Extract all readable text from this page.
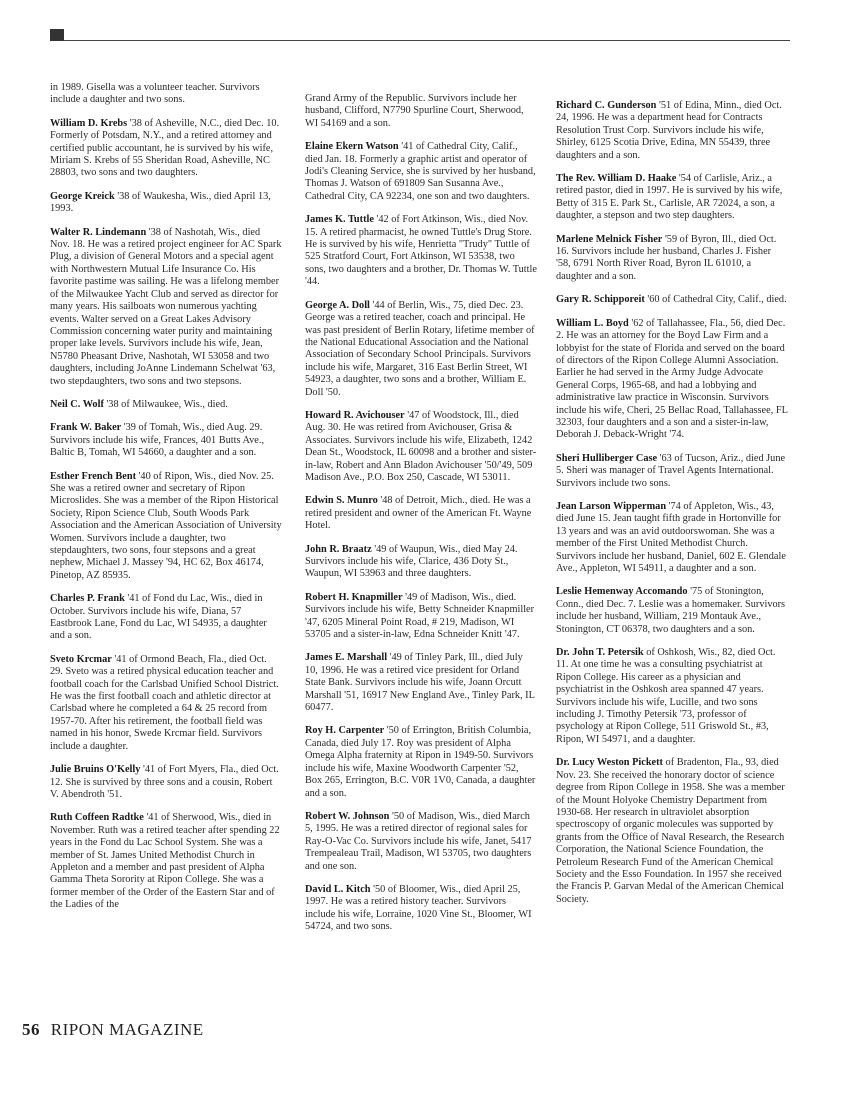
in 1989. Gisella was a volunteer teacher. Survivors include a daughter and two sons.

William D. Krebs '38 of Asheville, N.C., died Dec. 10. Formerly of Potsdam, N.Y., and a retired attorney and certified public accountant, he is survived by his wife, Miriam S. Krebs of 55 Sheridan Road, Asheville, NC 28803, two sons and two daughters.

George Kreick '38 of Waukesha, Wis., died April 13, 1993.

Walter R. Lindemann '38 of Nashotah, Wis., died Nov. 18. He was a retired project engineer for AC Spark Plug, a division of General Motors and a special agent with Northwestern Mutual Life Insurance Co. His favorite pastime was sailing. He was a lifelong member of the Milwaukee Yacht Club and served as director for many years. His sailboats won numerous yachting events. Walter served on a Great Lakes Advisory Commission concerning water purity and maintaining proper lake levels. Survivors include his wife, Jean, N5780 Pheasant Drive, Nashotah, WI 53058 and two daughters, including JoAnne Lindemann Schelwat '63, two stepdaughters, two sons and two stepsons.

Neil C. Wolf '38 of Milwaukee, Wis., died.

Frank W. Baker '39 of Tomah, Wis., died Aug. 29. Survivors include his wife, Frances, 401 Butts Ave., Baltic B, Tomah, WI 54660, a daughter and a son.

Esther French Bent '40 of Ripon, Wis., died Nov. 25. She was a retired owner and secretary of Ripon Microslides. She was a member of the Ripon Historical Society, Ripon Science Club, South Woods Park Association and the American Association of University Women. Survivors include a daughter, two stepdaughters, two sons, four stepsons and a great nephew, Michael J. Massey '94, HC 62, Box 46174, Pinetop, AZ 85935.

Charles P. Frank '41 of Fond du Lac, Wis., died in October. Survivors include his wife, Diana, 57 Eastbrook Lane, Fond du Lac, WI 54935, a daughter and a son.

Sveto Krcmar '41 of Ormond Beach, Fla., died Oct. 29. Sveto was a retired physical education teacher and football coach for the Carlsbad Unified School District. He was the first football coach and athletic director at Carlsbad where he completed a 64 & 25 record from 1957-70. After his retirement, the football field was named in his honor, Swede Krcmar field. Survivors include a daughter.

Julie Bruins O'Kelly '41 of Fort Myers, Fla., died Oct. 12. She is survived by three sons and a cousin, Robert V. Abendroth '51.

Ruth Coffeen Radtke '41 of Sherwood, Wis., died in November. Ruth was a retired teacher after spending 22 years in the Fond du Lac School System. She was a member of St. James United Methodist Church in Appleton and a member and past president of Alpha Gamma Theta Sorority at Ripon College. She was a former member of the Order of the Eastern Star and of the Ladies of the

Grand Army of the Republic. Survivors include her husband, Clifford, N7790 Spurline Court, Sherwood, WI 54169 and a son.

Elaine Ekern Watson '41 of Cathedral City, Calif., died Jan. 18. Formerly a graphic artist and operator of Jodi's Cleaning Service, she is survived by her husband, Thomas J. Watson of 691809 San Susanna Ave., Cathedral City, CA 92234, one son and two daughters.

James K. Tuttle '42 of Fort Atkinson, Wis., died Nov. 15. A retired pharmacist, he owned Tuttle's Drug Store. He is survived by his wife, Henrietta "Trudy" Tuttle of 525 Stratford Court, Fort Atkinson, WI 53538, two sons, two daughters and a brother, Dr. Thomas W. Tuttle '44.

George A. Doll '44 of Berlin, Wis., 75, died Dec. 23. George was a retired teacher, coach and principal. He was past president of Berlin Rotary, lifetime member of the National Educational Association and the National Association of Secondary School Principals. Survivors include his wife, Margaret, 316 East Berlin Street, WI 54923, a daughter, two sons and a brother, William E. Doll '50.

Howard R. Avichouser '47 of Woodstock, Ill., died Aug. 30. He was retired from Avichouser, Grisa & Associates. Survivors include his wife, Elizabeth, 1242 Dean St., Woodstock, IL 60098 and a brother and sister-in-law, Robert and Ann Bladon Avichouser '50/'49, 509 Madison Ave., P.O. Box 250, Cascade, WI 53011.

Edwin S. Munro '48 of Detroit, Mich., died. He was a retired president and owner of the American Ft. Wayne Hotel.

John R. Braatz '49 of Waupun, Wis., died May 24. Survivors include his wife, Clarice, 436 Doty St., Waupun, WI 53963 and three daughters.

Robert H. Knapmiller '49 of Madison, Wis., died. Survivors include his wife, Betty Schneider Knapmiller '47, 6205 Mineral Point Road, # 219, Madison, WI 53705 and a sister-in-law, Edna Schneider Knitt '47.

James E. Marshall '49 of Tinley Park, Ill., died July 10, 1996. He was a retired vice president for Orland State Bank. Survivors include his wife, Joann Orcutt Marshall '51, 16917 New England Ave., Tinley Park, IL 60477.

Roy H. Carpenter '50 of Errington, British Columbia, Canada, died July 17. Roy was president of Alpha Omega Alpha fraternity at Ripon in 1949-50. Survivors include his wife, Maxine Woodworth Carpenter '52, Box 265, Errington, B.C. V0R 1V0, Canada, a daughter and a son.

Robert W. Johnson '50 of Madison, Wis., died March 5, 1995. He was a retired director of regional sales for Ray-O-Vac Co. Survivors include his wife, Janet, 5417 Trempealeau Trail, Madison, WI 53705, two daughters and one son.

David L. Kitch '50 of Bloomer, Wis., died April 25, 1997. He was a retired history teacher. Survivors include his wife, Lorraine, 1020 Vine St., Bloomer, WI 54724, and two sons.

Richard C. Gunderson '51 of Edina, Minn., died Oct. 24, 1996. He was a department head for Contracts Resolution Trust Corp. Survivors include his wife, Shirley, 6125 Scotia Drive, Edina, MN 55439, three daughters and a son.

The Rev. William D. Haake '54 of Carlisle, Ariz., a retired pastor, died in 1997. He is survived by his wife, Betty of 315 E. Park St., Carlisle, AR 72024, a son, a daughter, a stepson and two step daughters.

Marlene Melnick Fisher '59 of Byron, Ill., died Oct. 16. Survivors include her husband, Charles J. Fisher '58, 6791 North River Road, Byron IL 61010, a daughter and a son.

Gary R. Schipporeit '60 of Cathedral City, Calif., died.

William L. Boyd '62 of Tallahassee, Fla., 56, died Dec. 2. He was an attorney for the Boyd Law Firm and a lobbyist for the state of Florida and served on the board of directors of the Ripon College Alumni Association. Earlier he had served in the Army Judge Advocate General Corps, 1965-68, and had a lobbying and administrative law practice in Wisconsin. Survivors include his wife, Cheri, 25 Bellac Road, Tallahassee, FL 32303, four daughters and a son and a sister-in-law, Deborah J. Deback-Wright '74.

Sheri Hulliberger Case '63 of Tucson, Ariz., died June 5. Sheri was manager of Travel Agents International. Survivors include two sons.

Jean Larson Wipperman '74 of Appleton, Wis., 43, died June 15. Jean taught fifth grade in Hortonville for 13 years and was an avid outdoorswoman. She was a member of the First United Methodist Church. Survivors include her husband, Daniel, 602 E. Glendale Ave., Appleton, WI 54911, a daughter and a son.

Leslie Hemenway Accomando '75 of Stonington, Conn., died Dec. 7. Leslie was a homemaker. Survivors include her husband, William, 219 Montauk Ave., Stonington, CT 06378, two daughters and a son.

Dr. John T. Petersik of Oshkosh, Wis., 82, died Oct. 11. At one time he was a consulting psychiatrist at Ripon College. His career as a physician and psychiatrist in the Oshkosh area spanned 47 years. Survivors include his wife, Lucille, and two sons including J. Timothy Petersik '73, professor of psychology at Ripon College, 511 Griswold St., #3, Ripon, WI 54971, and a daughter.

Dr. Lucy Weston Pickett of Bradenton, Fla., 93, died Nov. 23. She received the honorary doctor of science degree from Ripon College in 1958. She was a member of the Mount Holyoke Chemistry Department from 1930-68. Her research in ultraviolet absorption spectroscopy of organic molecules was supported by grants from the Office of Naval Research, the Research Corporation, the National Science Foundation, the Petroleum Research Fund of the American Chemical Society and the Esso Foundation. In 1957 she received the Francis P. Garvan Medal of the American Chemical Society.

56 RIPON MAGAZINE
